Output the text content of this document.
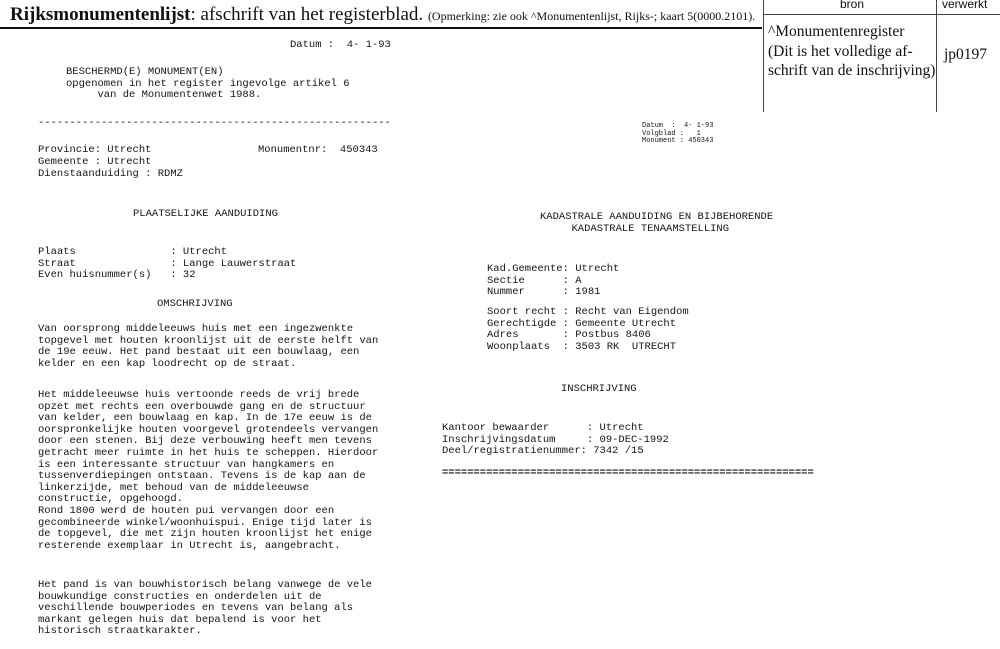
Rijksmonumentenlijst: afschrift van het registerblad. (Opmerking: zie ook ^Monumentenlijst, Rijks-; kaart 5(0000.2101).
bron	verwerkt
^Monumentenregister
(Dit is het volledige af-
schrift van de inschrijving)
jp0197
Datum :  4- 1-93
BESCHERMD(E) MONUMENT(EN)
opgenomen in het register ingevolge artikel 6
van de Monumentenwet 1988.
--------------------------------------------------------
Provincie: Utrecht	Monumentnr:  450343
Gemeente : Utrecht
Dienstaanduiding : RDMZ
PLAATSELIJKE AANDUIDING
Plaats               : Utrecht
Straat               : Lange Lauwerstraat
Even huisnummer(s)   : 32
OMSCHRIJVING
Van oorsprong middeleeuws huis met een ingezwenkte
topgevel met houten kroonlijst uit de eerste helft van
de 19e eeuw. Het pand bestaat uit een bouwlaag, een
kelder en een kap loodrecht op de straat.
Het middeleeuwse huis vertoonde reeds de vrij brede
opzet met rechts een overbouwde gang en de structuur
van kelder, een bouwlaag en kap. In de 17e eeuw is de
oorspronkelijke houten voorgevel grotendeels vervangen
door een stenen. Bij deze verbouwing heeft men tevens
getracht meer ruimte in het huis te scheppen. Hierdoor
is een interessante structuur van hangkamers en
tussenverdiepingen ontstaan. Tevens is de kap aan de
linkerzijde, met behoud van de middeleeuwse
constructie, opgehoogd.
Rond 1800 werd de houten pui vervangen door een
gecombineerde winkel/woonhuispui. Enige tijd later is
de topgevel, die met zijn houten kroonlijst het enige
resterende exemplaar in Utrecht is, aangebracht.
Het pand is van bouwhistorisch belang vanwege de vele
bouwkundige constructies en onderdelen uit de
veschillende bouwperiodes en tevens van belang als
markant gelegen huis dat bepalend is voor het
historisch straatkarakter.
Datum  :  4- 1-93
Volgblad :   1
Monument : 450343
KADASTRALE AANDUIDING EN BIJBEHORENDE
KADASTRALE TENAAMSTELLING
Kad.Gemeente: Utrecht
Sectie      : A
Nummer      : 1981
Soort recht : Recht van Eigendom
Gerechtigde : Gemeente Utrecht
Adres       : Postbus 8406
Woonplaats  : 3503 RK  UTRECHT
INSCHRIJVING
Kantoor bewaarder      : Utrecht
Inschrijvingsdatum     : 09-DEC-1992
Deel/registratienummer: 7342 /15
===========================================================
